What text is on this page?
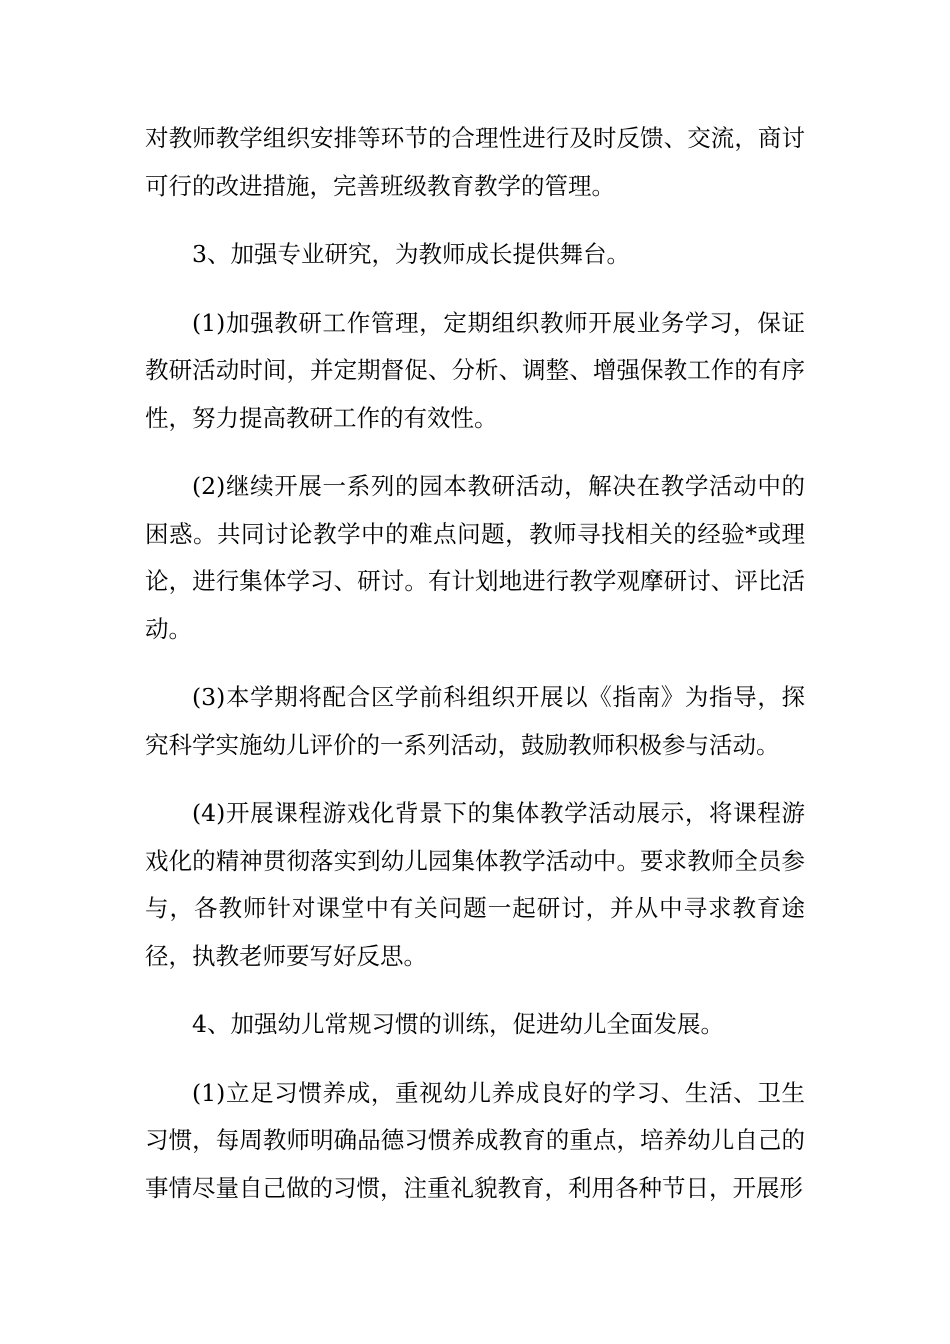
对教师教学组织安排等环节的合理性进行及时反馈、交流，商讨可行的改进措施，完善班级教育教学的管理。

3、加强专业研究，为教师成长提供舞台。

(1)加强教研工作管理，定期组织教师开展业务学习，保证教研活动时间，并定期督促、分析、调整、增强保教工作的有序性，努力提高教研工作的有效性。

(2)继续开展一系列的园本教研活动，解决在教学活动中的困惑。共同讨论教学中的难点问题，教师寻找相关的经验*或理论，进行集体学习、研讨。有计划地进行教学观摩研讨、评比活动。

(3)本学期将配合区学前科组织开展以《指南》为指导，探究科学实施幼儿评价的一系列活动，鼓励教师积极参与活动。

(4)开展课程游戏化背景下的集体教学活动展示，将课程游戏化的精神贯彻落实到幼儿园集体教学活动中。要求教师全员参与，各教师针对课堂中有关问题一起研讨，并从中寻求教育途径，执教老师要写好反思。

4、加强幼儿常规习惯的训练，促进幼儿全面发展。

(1)立足习惯养成，重视幼儿养成良好的学习、生活、卫生习惯，每周教师明确品德习惯养成教育的重点，培养幼儿自己的事情尽量自己做的习惯，注重礼貌教育，利用各种节日，开展形
